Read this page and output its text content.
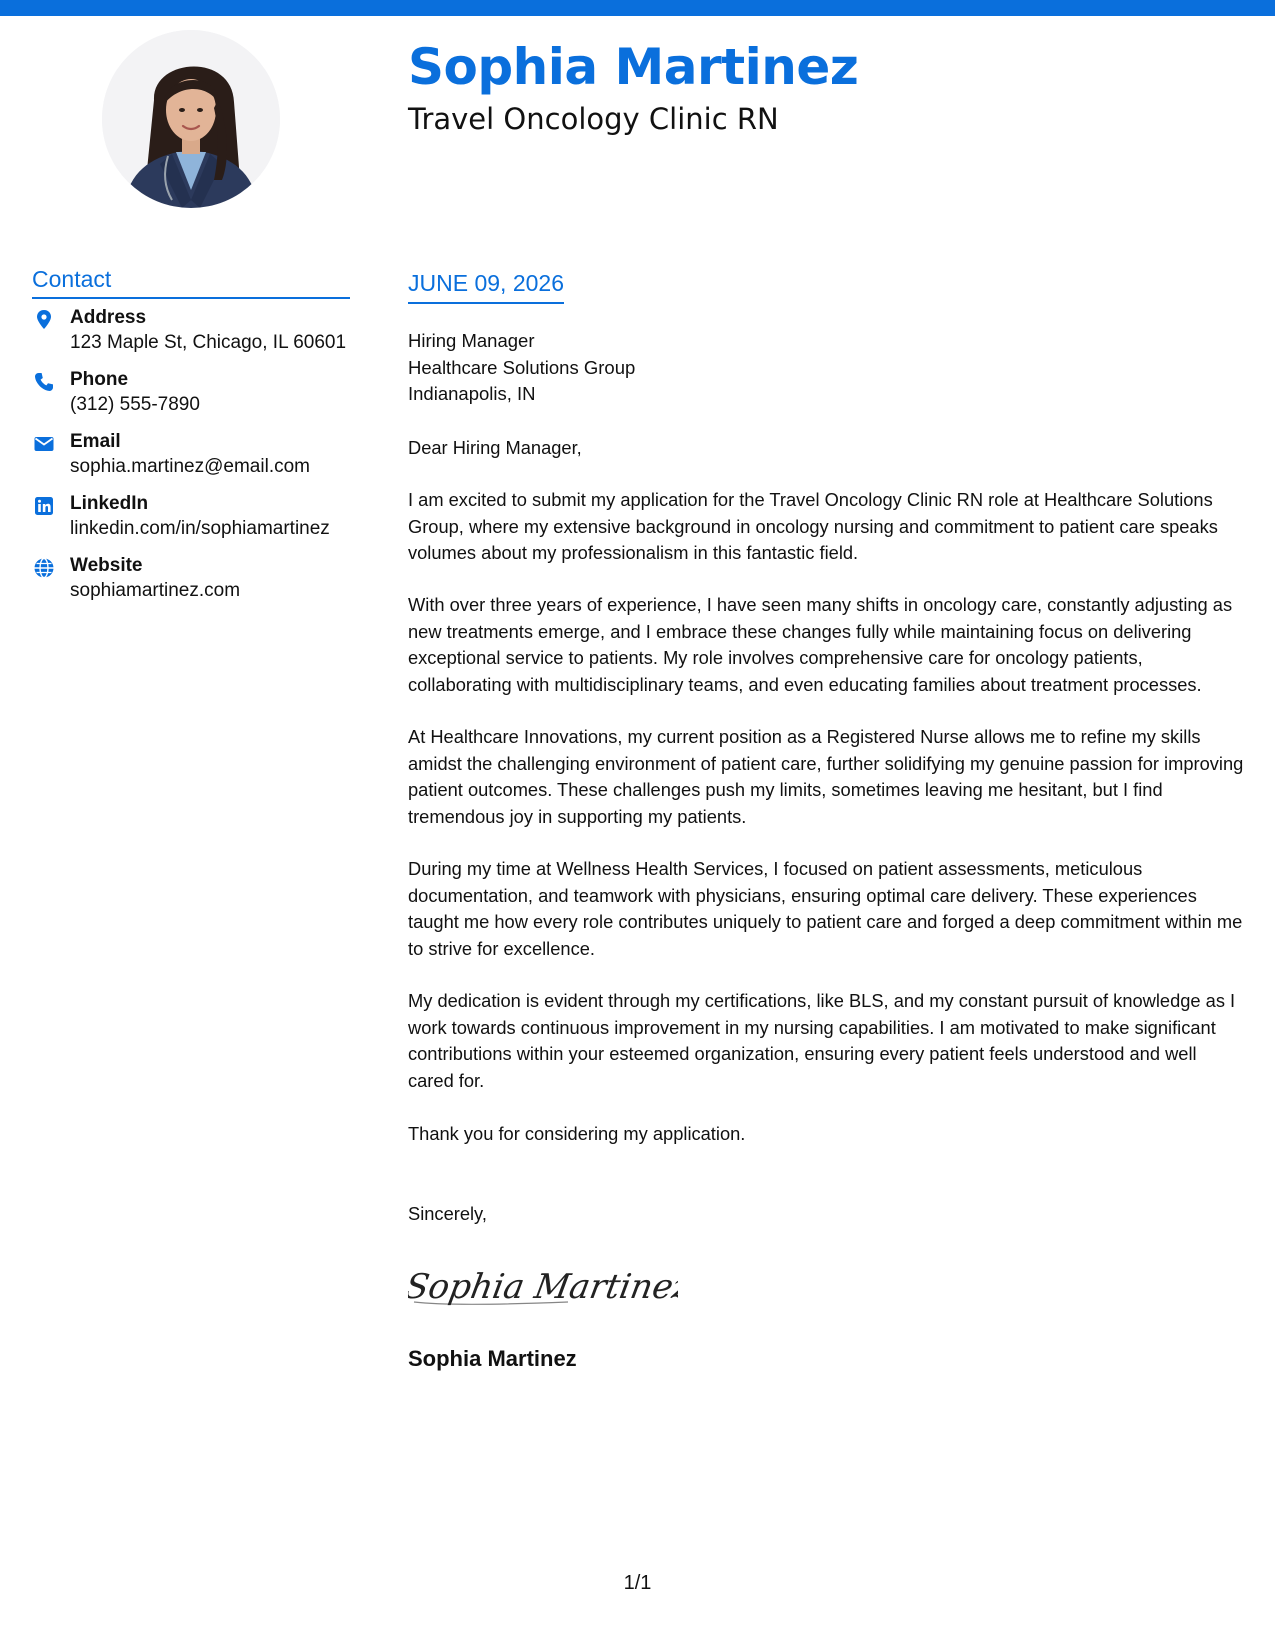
Sophia Martinez
Travel Oncology Clinic RN
Contact
Address
123 Maple St, Chicago, IL 60601
Phone
(312) 555-7890
Email
sophia.martinez@email.com
LinkedIn
linkedin.com/in/sophiamartinez
Website
sophiamartinez.com
JUNE 09, 2026
Hiring Manager
Healthcare Solutions Group
Indianapolis, IN

Dear Hiring Manager,

I am excited to submit my application for the Travel Oncology Clinic RN role at Healthcare Solutions Group, where my extensive background in oncology nursing and commitment to patient care speaks volumes about my professionalism in this fantastic field.

With over three years of experience, I have seen many shifts in oncology care, constantly adjusting as new treatments emerge, and I embrace these changes fully while maintaining focus on delivering exceptional service to patients. My role involves comprehensive care for oncology patients, collaborating with multidisciplinary teams, and even educating families about treatment processes.

At Healthcare Innovations, my current position as a Registered Nurse allows me to refine my skills amidst the challenging environment of patient care, further solidifying my genuine passion for improving patient outcomes. These challenges push my limits, sometimes leaving me hesitant, but I find tremendous joy in supporting my patients.

During my time at Wellness Health Services, I focused on patient assessments, meticulous documentation, and teamwork with physicians, ensuring optimal care delivery. These experiences taught me how every role contributes uniquely to patient care and forged a deep commitment within me to strive for excellence.

My dedication is evident through my certifications, like BLS, and my constant pursuit of knowledge as I work towards continuous improvement in my nursing capabilities. I am motivated to make significant contributions within your esteemed organization, ensuring every patient feels understood and well cared for.

Thank you for considering my application.

Sincerely,

Sophia Martinez
Sophia Martinez
1/1
